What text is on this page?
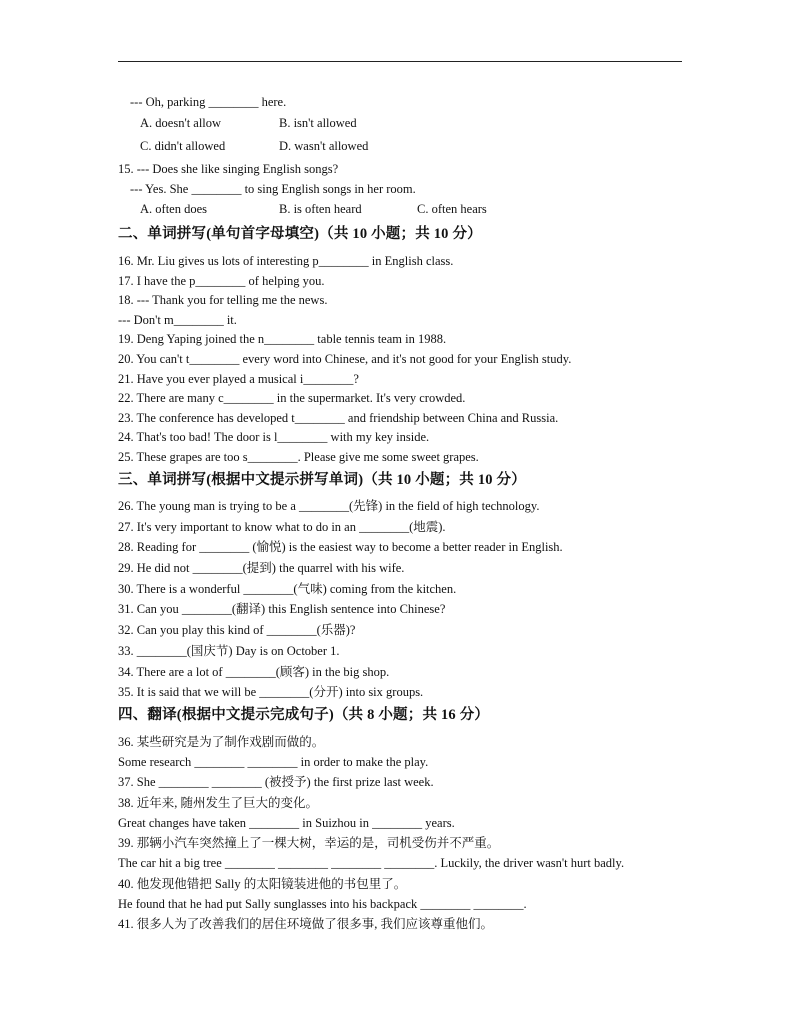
--- Oh, parking ________ here.
A. doesn't allow	B. isn't allowed
C. didn't allowed	D. wasn't allowed
15. --- Does she like singing English songs?
--- Yes. She ________ to sing English songs in her room.
A. often does	B. is often heard	C. often hears
二、单词拼写(单句首字母填空)（共 10 小题；共 10 分）
16. Mr. Liu gives us lots of interesting p________ in English class.
17. I have the p________ of helping you.
18. --- Thank you for telling me the news.
--- Don't m________ it.
19. Deng Yaping joined the n________ table tennis team in 1988.
20. You can't t________ every word into Chinese, and it's not good for your English study.
21. Have you ever played a musical i________?
22. There are many c________ in the supermarket. It's very crowded.
23. The conference has developed t________ and friendship between China and Russia.
24. That's too bad! The door is l________ with my key inside.
25. These grapes are too s________. Please give me some sweet grapes.
三、单词拼写(根据中文提示拼写单词)（共 10 小题；共 10 分）
26. The young man is trying to be a ________(先锋) in the field of high technology.
27. It's very important to know what to do in an ________(地震).
28. Reading for ________ (愉悦) is the easiest way to become a better reader in English.
29. He did not ________(提到) the quarrel with his wife.
30. There is a wonderful ________(气味) coming from the kitchen.
31. Can you ________(翻译) this English sentence into Chinese?
32. Can you play this kind of ________(乐器)?
33. ________(国庆节) Day is on October 1.
34. There are a lot of ________(顾客) in the big shop.
35. It is said that we will be ________(分开) into six groups.
四、翻译(根据中文提示完成句子)（共 8 小题；共 16 分）
36. 某些研究是为了制作戏剧而做的。
Some research ________ ________ in order to make the play.
37. She ________ ________ (被授予) the first prize last week.
38. 近年来, 随州发生了巨大的变化。
Great changes have taken ________ in Suizhou in ________ years.
39. 那辆小汽车突然撞上了一棵大树，幸运的是，司机受伤并不严重。
The car hit a big tree ________ ________ ________ ________. Luckily, the driver wasn't hurt badly.
40. 他发现他错把 Sally 的太阳镜装进他的书包里了。
He found that he had put Sally sunglasses into his backpack ________ ________.
41. 很多人为了改善我们的居住环境做了很多事, 我们应该尊重他们。
